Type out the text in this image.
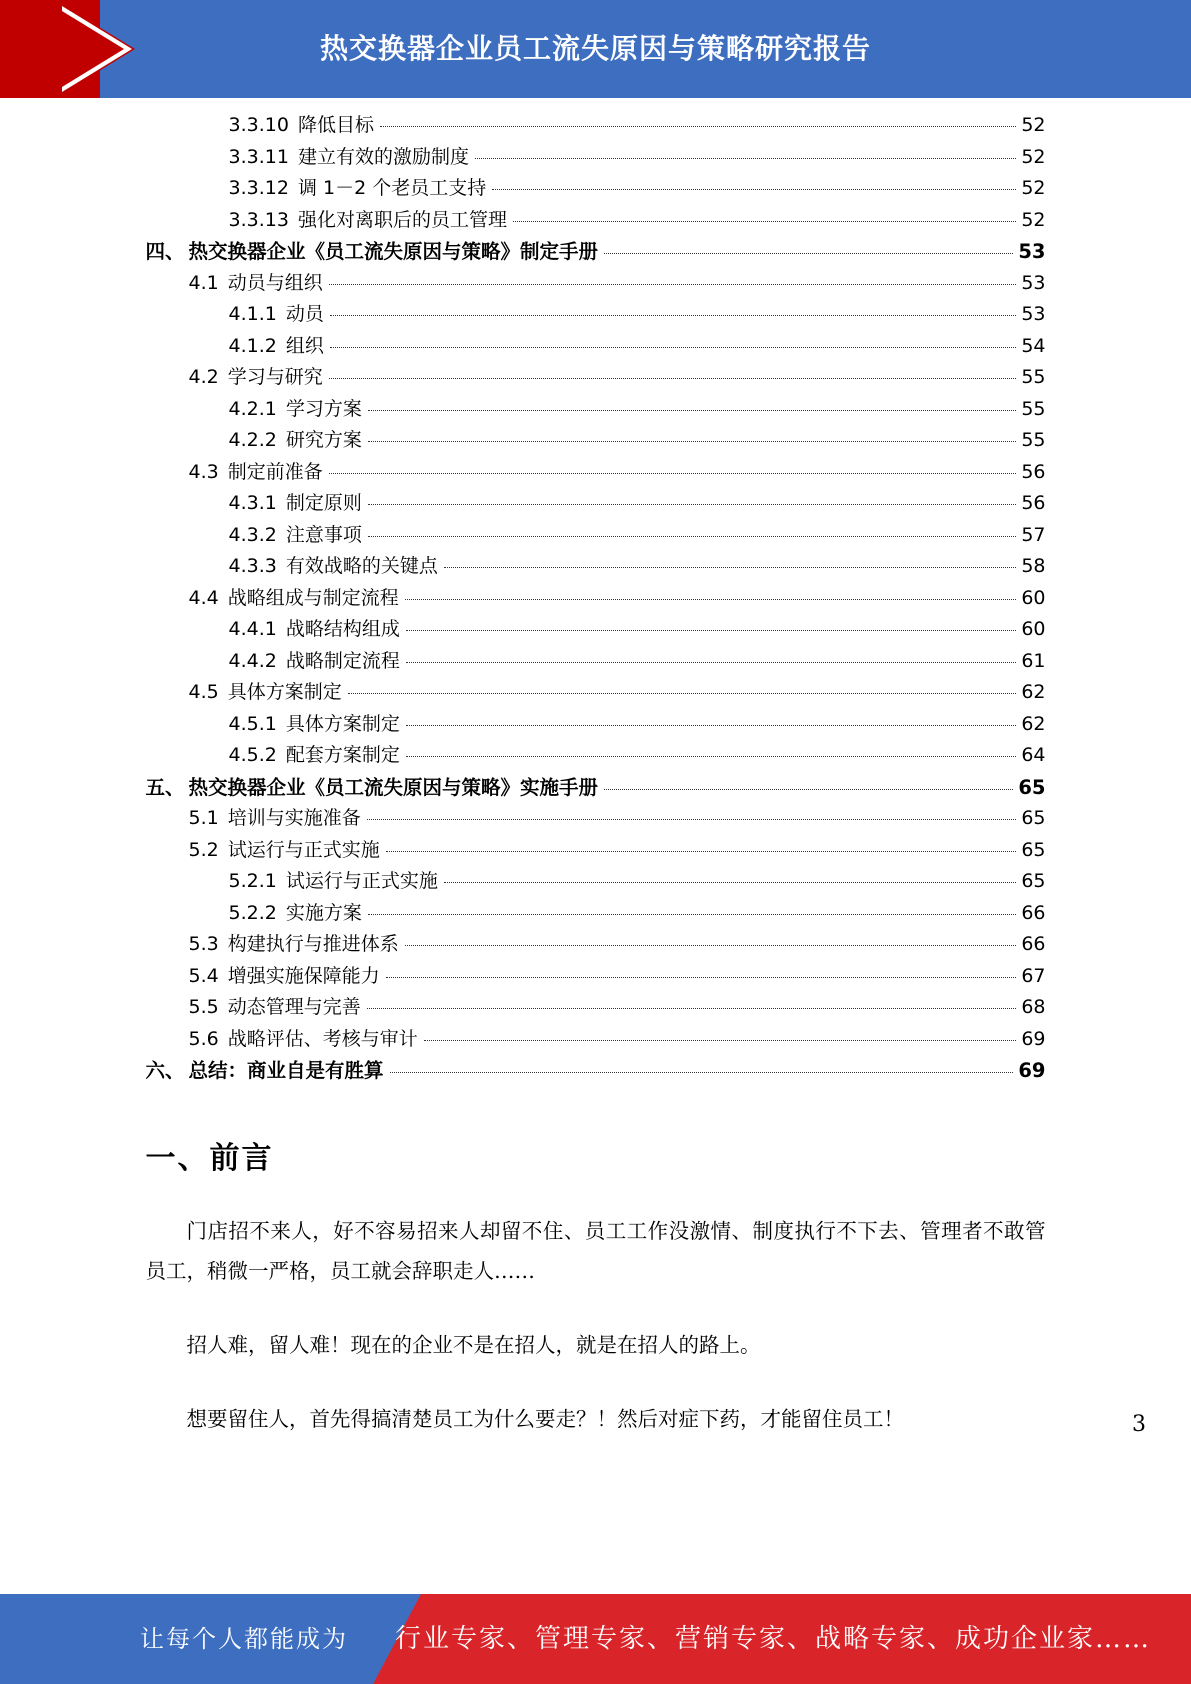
热交换器企业员工流失原因与策略研究报告
3.3.10 降低目标	52
3.3.11 建立有效的激励制度	52
3.3.12 调 1－2 个老员工支持	52
3.3.13 强化对离职后的员工管理	52
四、 热交换器企业《员工流失原因与策略》制定手册	53
4.1 动员与组织	53
4.1.1 动员	53
4.1.2 组织	54
4.2 学习与研究	55
4.2.1 学习方案	55
4.2.2 研究方案	55
4.3 制定前准备	56
4.3.1 制定原则	56
4.3.2 注意事项	57
4.3.3 有效战略的关键点	58
4.4 战略组成与制定流程	60
4.4.1 战略结构组成	60
4.4.2 战略制定流程	61
4.5 具体方案制定	62
4.5.1 具体方案制定	62
4.5.2 配套方案制定	64
五、 热交换器企业《员工流失原因与策略》实施手册	65
5.1 培训与实施准备	65
5.2 试运行与正式实施	65
5.2.1 试运行与正式实施	65
5.2.2 实施方案	66
5.3 构建执行与推进体系	66
5.4 增强实施保障能力	67
5.5 动态管理与完善	68
5.6 战略评估、考核与审计	69
六、 总结：商业自是有胜算	69
一、前言
门店招不来人，好不容易招来人却留不住、员工工作没激情、制度执行不下去、管理者不敢管员工，稍微一严格，员工就会辞职走人……
招人难，留人难！现在的企业不是在招人，就是在招人的路上。
想要留住人，首先得搞清楚员工为什么要走？！然后对症下药，才能留住员工！	3
让每个人都能成为 行业专家、管理专家、营销专家、战略专家、成功企业家……
